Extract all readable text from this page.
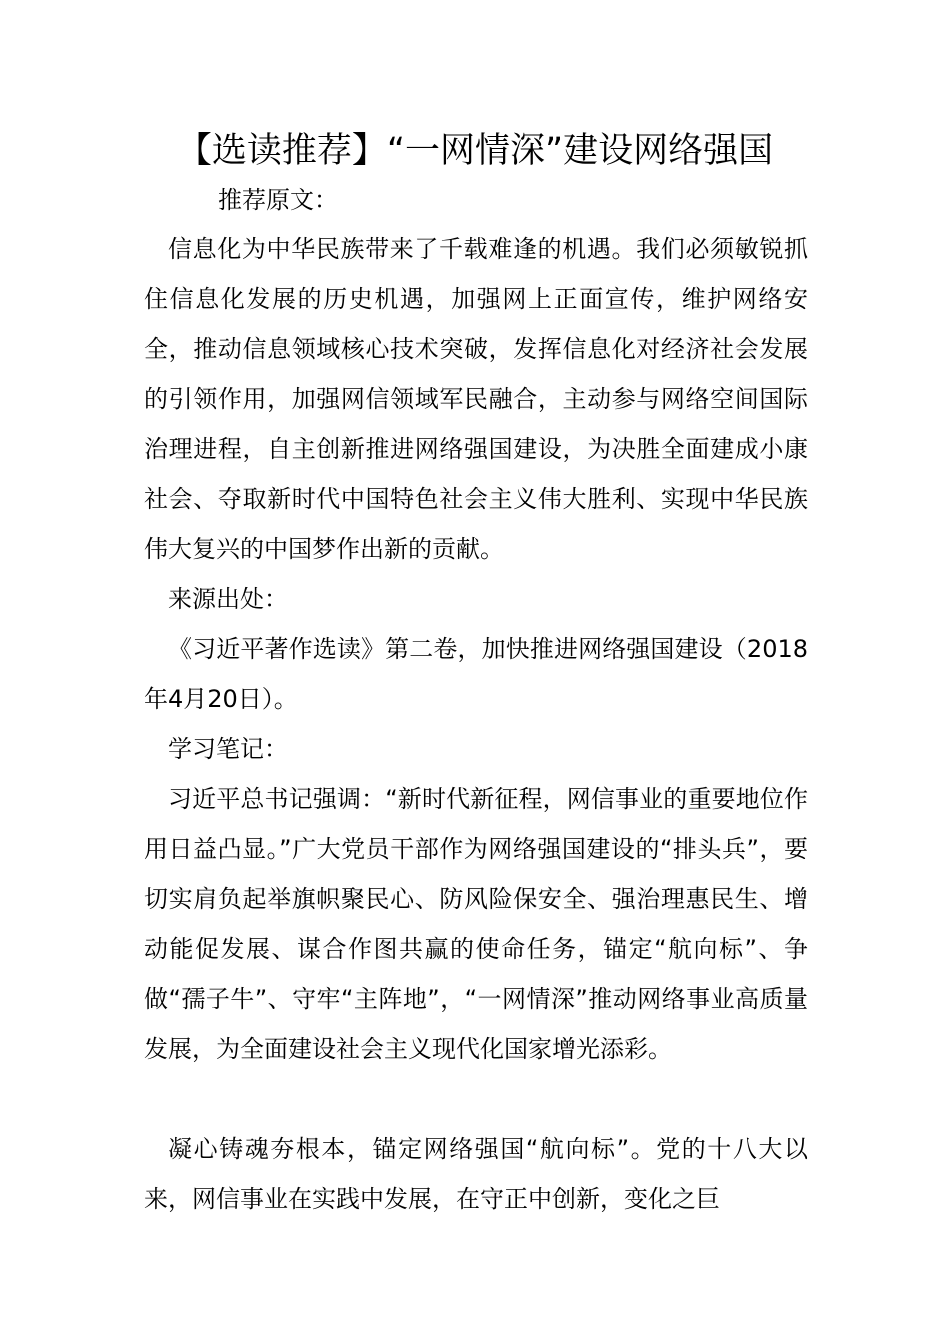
【选读推荐】“一网情深”建设网络强国
推荐原文：

信息化为中华民族带来了千载难逢的机遇。我们必须敏锐抓住信息化发展的历史机遇，加强网上正面宣传，维护网络安全，推动信息领域核心技术突破，发挥信息化对经济社会发展的引领作用，加强网信领域军民融合，主动参与网络空间国际治理进程，自主创新推进网络强国建设，为决胜全面建成小康社会、夺取新时代中国特色社会主义伟大胜利、实现中华民族伟大复兴的中国梦作出新的贡献。

来源出处：

《习近平著作选读》第二卷，加快推进网络强国建设（2018年4月20日）。

学习笔记：

习近平总书记强调：“新时代新征程，网信事业的重要地位作用日益凸显。”广大党员干部作为网络强国建设的“排头兵”，要切实肩负起举旗帜聚民心、防风险保安全、强治理惠民生、增动能促发展、谋合作图共赢的使命任务，锚定“航向标”、争做“孺子牛”、守牢“主阵地”，“一网情深”推动网络事业高质量发展，为全面建设社会主义现代化国家增光添彩。

凝心铸魂夯根本，锚定网络强国“航向标”。党的十八大以来，网信事业在实践中发展，在守正中创新，变化之巨
